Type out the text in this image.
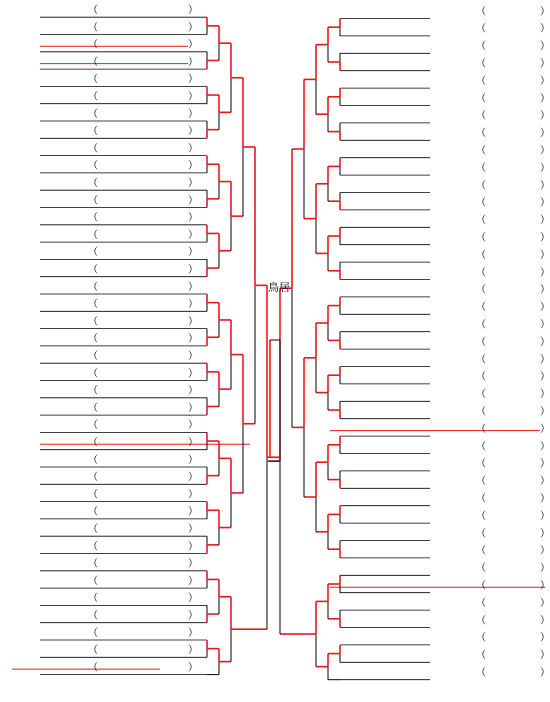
（	）
（	）
（	）
（	）
（	）
（	）
（	）
（	）
（	）
（	）
（	）
（	）
（	）
（	）
（	）
（	）
（	）
（	）
（	）
（	）
（	）
（	）
（	）
（	）
（	）
（	）
（	）
（	）
（	）
（	）
（	）
（	）
（	）
（	）
（	）
（	）
（	）
（	）
（	）
（	）
（	）
（	）
（	）
（	）
（	）
（	）
（	）
（	）
（	）
（	）
（	）
（	）
（	）
（	）
（	）
（	）
（	）
（	）
（	）
（	）
（	）
（	）
（	）
（	）
（	）
（	）
（	）
（	）
（	）
（	）
（	）
（	）
（	）
（	）
（	）
（	）
（	）
（	）
鳥居
